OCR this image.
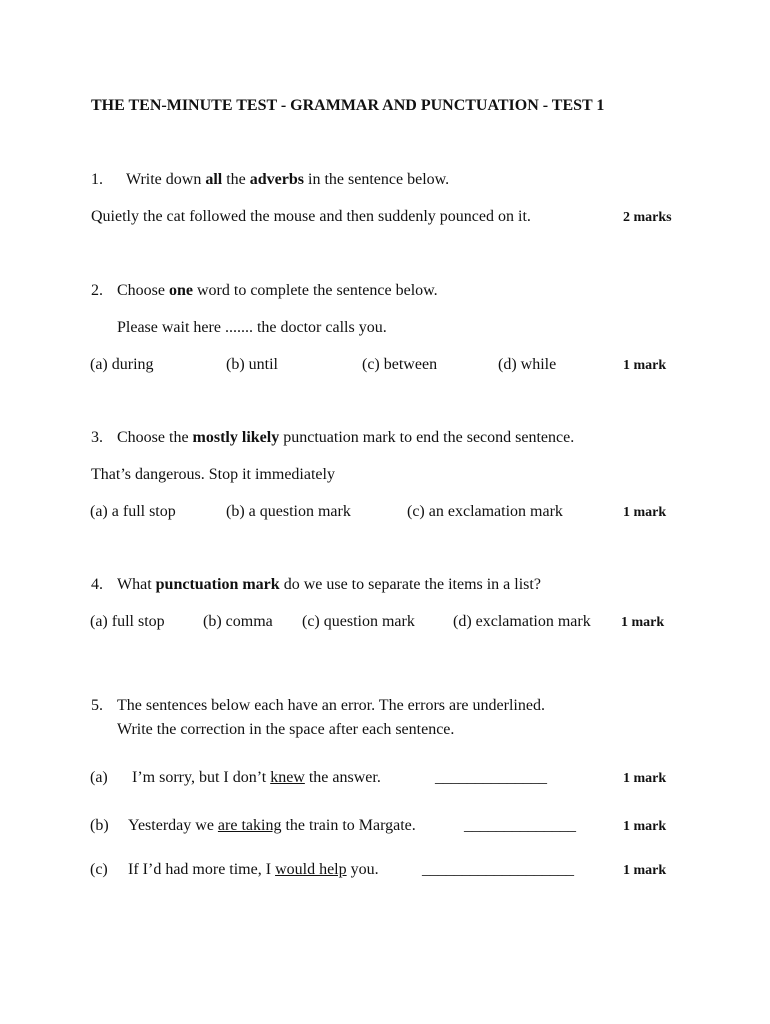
THE TEN-MINUTE TEST - GRAMMAR AND PUNCTUATION - TEST 1
1. Write down all the adverbs in the sentence below.
Quietly the cat followed the mouse and then suddenly pounced on it.	2 marks
2. Choose one word to complete the sentence below.
Please wait here ....... the doctor calls you.
(a) during	(b) until	(c) between	(d) while	1 mark
3. Choose the mostly likely punctuation mark to end the second sentence.
That’s dangerous. Stop it immediately
(a) a full stop	(b) a question mark	(c) an exclamation mark	1 mark
4. What punctuation mark do we use to separate the items in a list?
(a) full stop (b) comma (c) question mark (d) exclamation mark 1 mark
5. The sentences below each have an error. The errors are underlined.
Write the correction in the space after each sentence.
(a) I’m sorry, but I don’t knew the answer.	______________	1 mark
(b) Yesterday we are taking the train to Margate.	______________	1 mark
(c) If I’d had more time, I would help you.	___________________	1 mark
